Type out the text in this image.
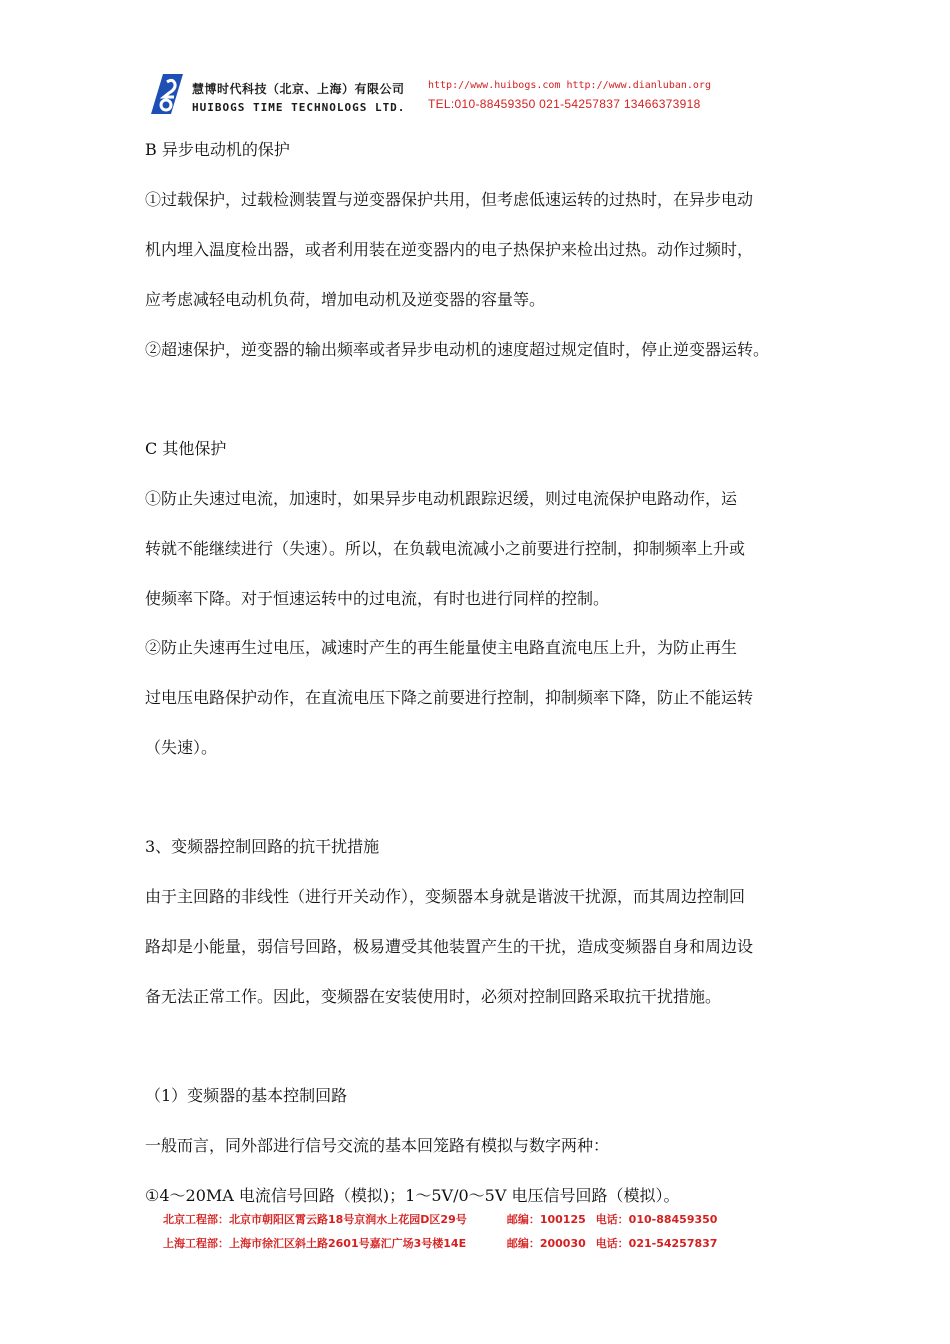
慧博时代科技（北京、上海）有限公司
HUIBOGS TIME TECHNOLOGS LTD.
http://www.huibogs.com http://www.dianluban.org
TEL:010-88459350 021-54257837 13466373918
B 异步电动机的保护
①过载保护，过载检测装置与逆变器保护共用，但考虑低速运转的过热时，在异步电动
机内埋入温度检出器，或者利用装在逆变器内的电子热保护来检出过热。动作过频时，
应考虑减轻电动机负荷，增加电动机及逆变器的容量等。
②超速保护，逆变器的输出频率或者异步电动机的速度超过规定值时，停止逆变器运转。
C 其他保护
①防止失速过电流，加速时，如果异步电动机跟踪迟缓，则过电流保护电路动作，运
转就不能继续进行（失速）。所以，在负载电流减小之前要进行控制，抑制频率上升或
使频率下降。对于恒速运转中的过电流，有时也进行同样的控制。
②防止失速再生过电压，减速时产生的再生能量使主电路直流电压上升，为防止再生
过电压电路保护动作，在直流电压下降之前要进行控制，抑制频率下降，防止不能运转
（失速）。
3、变频器控制回路的抗干扰措施
由于主回路的非线性（进行开关动作），变频器本身就是谐波干扰源，而其周边控制回
路却是小能量，弱信号回路，极易遭受其他装置产生的干扰，造成变频器自身和周边设
备无法正常工作。因此，变频器在安装使用时，必须对控制回路采取抗干扰措施。
（1）变频器的基本控制回路
一般而言，同外部进行信号交流的基本回笼路有模拟与数字两种：
①4～20MA 电流信号回路（模拟)；1～5V/0～5V 电压信号回路（模拟）。
北京工程部：北京市朝阳区霄云路18号京润水上花园D区29号	邮编：100125 电话：010-88459350
上海工程部：上海市徐汇区斜土路2601号嘉汇广场3号楼14E	邮编：200030 电话：021-54257837
